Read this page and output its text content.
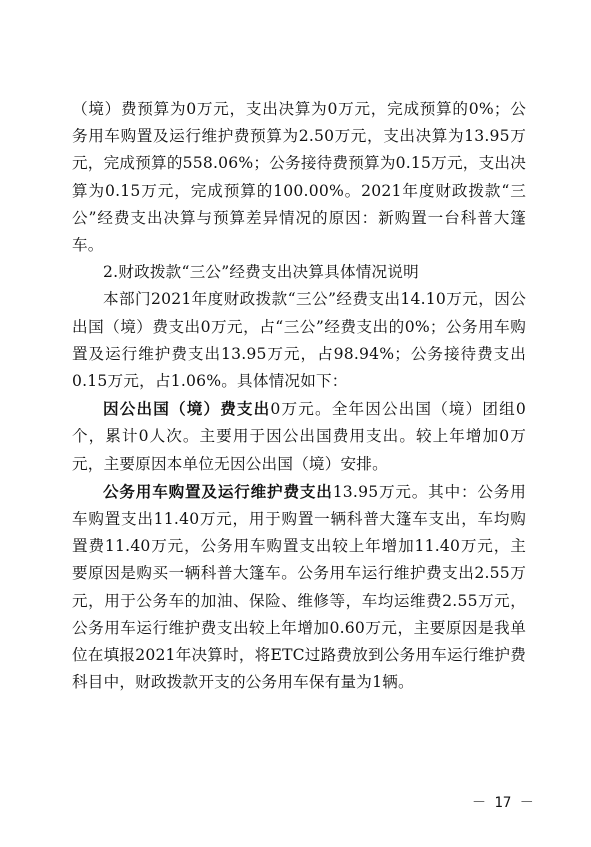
（境）费预算为0万元，支出决算为0万元，完成预算的0%；公务用车购置及运行维护费预算为2.50万元，支出决算为13.95万元，完成预算的558.06%；公务接待费预算为0.15万元，支出决算为0.15万元，完成预算的100.00%。2021年度财政拨款“三公”经费支出决算与预算差异情况的原因：新购置一台科普大篷车。

2.财政拨款“三公”经费支出决算具体情况说明

本部门2021年度财政拨款“三公”经费支出14.10万元，因公出国（境）费支出0万元，占“三公”经费支出的0%；公务用车购置及运行维护费支出13.95万元，占98.94%；公务接待费支出0.15万元，占1.06%。具体情况如下：

因公出国（境）费支出0万元。全年因公出国（境）团组0个，累计0人次。主要用于因公出国费用支出。较上年增加0万元，主要原因本单位无因公出国（境）安排。

公务用车购置及运行维护费支出13.95万元。其中：公务用车购置支出11.40万元，用于购置一辆科普大篷车支出，车均购置费11.40万元，公务用车购置支出较上年增加11.40万元，主要原因是购买一辆科普大篷车。公务用车运行维护费支出2.55万元，用于公务车的加油、保险、维修等，车均运维费2.55万元，公务用车运行维护费支出较上年增加0.60万元，主要原因是我单位在填报2021年决算时，将ETC过路费放到公务用车运行维护费科目中，财政拨款开支的公务用车保有量为1辆。

－ 17 －
